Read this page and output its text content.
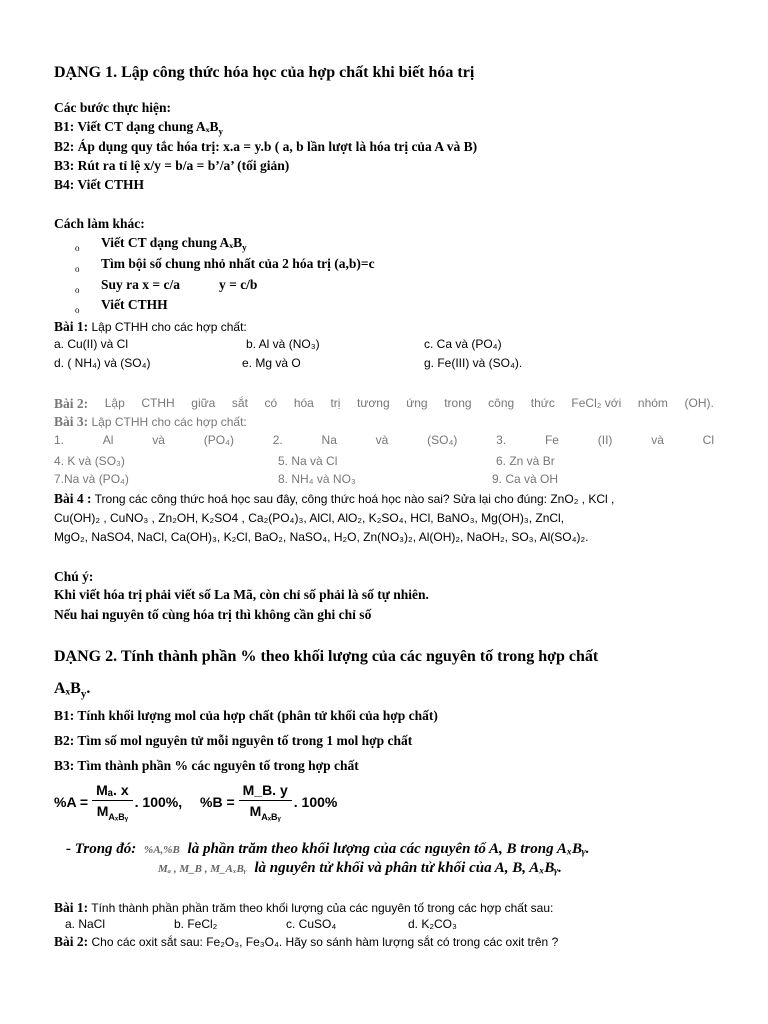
DẠNG 1. Lập công thức hóa học của hợp chất khi biết hóa trị
Các bước thực hiện:
B1: Viết CT dạng chung AₓB$_y$
B2: Áp dụng quy tắc hóa trị: x.a = y.b ( a, b lần lượt là hóa trị của A và B)
B3: Rút ra tỉ lệ x/y = b/a = b’/a’ (tối giản)
B4: Viết CTHH
Cách làm khác:
o Viết CT dạng chung AₓB$_y$
o Tìm bội số chung nhỏ nhất của 2 hóa trị (a,b)=c
o Suy ra x = c/a	y = c/b
o Viết CTHH
Bài 1: Lập CTHH cho các hợp chất:
a. Cu(II) và Cl	b. Al và (NO₃)	c. Ca và (PO₄)
d. ( NH₄) và (SO₄)	e. Mg và O	g. Fe(III) và (SO₄).
Bài 2: Lập CTHH giữa sắt có hóa trị tương ứng trong công thức FeCl₂ với nhóm (OH).
Bài 3: Lập CTHH cho các hợp chất:
1.	Al	và	(PO₄)	2.	Na	và	(SO₄)	3.	Fe	(II)	và	Cl
4. K và (SO₃)	5. Na và Cl	6. Zn và Br
7.Na và (PO₄)	8. NH₄ và NO₃	9. Ca và OH
Bài 4 : Trong các công thức hoá học sau đây, công thức hoá học nào sai? Sửa lại cho đúng: ZnO₂ , KCl ,
Cu(OH)₂ , CuNO₃ , Zn₂OH, K₂SO4 , Ca₂(PO₄)₃, AlCl, AlO₂, K₂SO₄, HCl, BaNO₃, Mg(OH)₃, ZnCl,
MgO₂, NaSO4, NaCl, Ca(OH)₃, K₂Cl, BaO₂, NaSO₄, H₂O, Zn(NO₃)₂, Al(OH)₂, NaOH₂, SO₃, Al(SO₄)₂.
Chú ý:
Khi viết hóa trị phải viết số La Mã, còn chỉ số phải là số tự nhiên.
Nếu hai nguyên tố cùng hóa trị thì không cần ghi chỉ số
DẠNG 2. Tính thành phần % theo khối lượng của các nguyên tố trong hợp chất
AₓB$_y$.
B1: Tính khối lượng mol của hợp chất (phân tử khối của hợp chất)
B2: Tìm số mol nguyên tử mỗi nguyên tố trong 1 mol hợp chất
B3: Tìm thành phần % các nguyên tố trong hợp chất
$\%A = \frac{\text{Mₐ. x}}{M_{A_xBᵧ}}$ . 100%,
$\%B = \frac{M\_B. y}{M_{A_xBᵧ}}$ . 100%
- Trong đó: %A,%B là phần trăm theo khối lượng của các nguyên tố A, B trong AₓBᵧ.
Mₐ , M_B , M_AₓBᵧ là nguyên tử khối và phân tử khối của A, B, AₓBᵧ.
Bài 1: Tính thành phần phần trăm theo khối lượng của các nguyên tố trong các hợp chất sau:
a. NaCl	b. FeCl₂	c. CuSO₄	d. K₂CO₃
Bài 2: Cho các oxit sắt sau: Fe₂O₃, Fe₃O₄. Hãy so sánh hàm lượng sắt có trong các oxit trên ?
